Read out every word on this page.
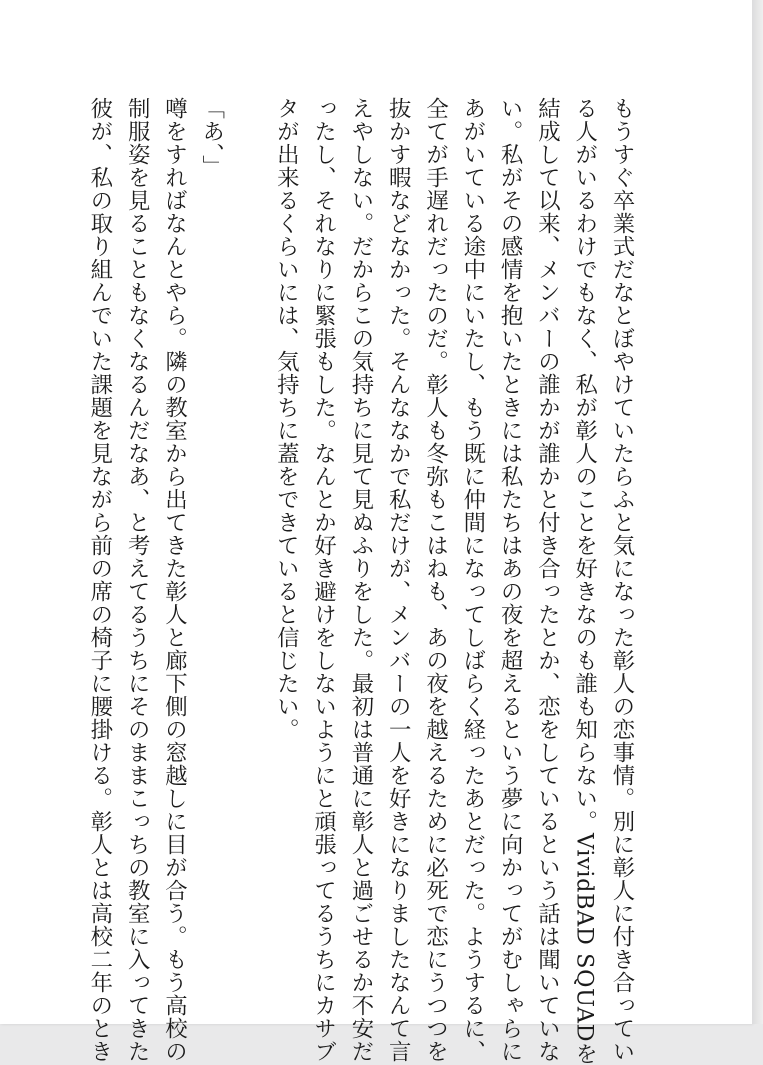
もうすぐ卒業式だなとぼやけていたらふと気になった彰人の恋事情。別に彰人に付き合ってい

る人がいるわけでもなく、私が彰人のことを好きなのも誰も知らない。VividBAD SQUADを

結成して以来、メンバーの誰かが誰かと付き合ったとか、恋をしているという話は聞いていな

い。私がその感情を抱いたときには私たちはあの夜を超えるという夢に向かってがむしゃらに

あがいている途中にいたし、もう既に仲間になってしばらく経ったあとだった。ようするに、

全てが手遅れだったのだ。彰人も冬弥もこはねも、あの夜を越えるために必死で恋にうつつを

抜かす暇などなかった。そんななかで私だけが、メンバーの一人を好きになりましたなんて言

えやしない。だからこの気持ちに見て見ぬふりをした。最初は普通に彰人と過ごせるか不安だ

ったし、それなりに緊張もした。なんとか好き避けをしないようにと頑張ってるうちにカサブ

タが出来るくらいには、気持ちに蓋をできていると信じたい。

「あ、」

噂をすればなんとやら。隣の教室から出てきた彰人と廊下側の窓越しに目が合う。もう高校の

制服姿を見ることもなくなるんだなあ、と考えてるうちにそのままこっちの教室に入ってきた

彼が、私の取り組んでいた課題を見ながら前の席の椅子に腰掛ける。彰人とは高校二年のとき
